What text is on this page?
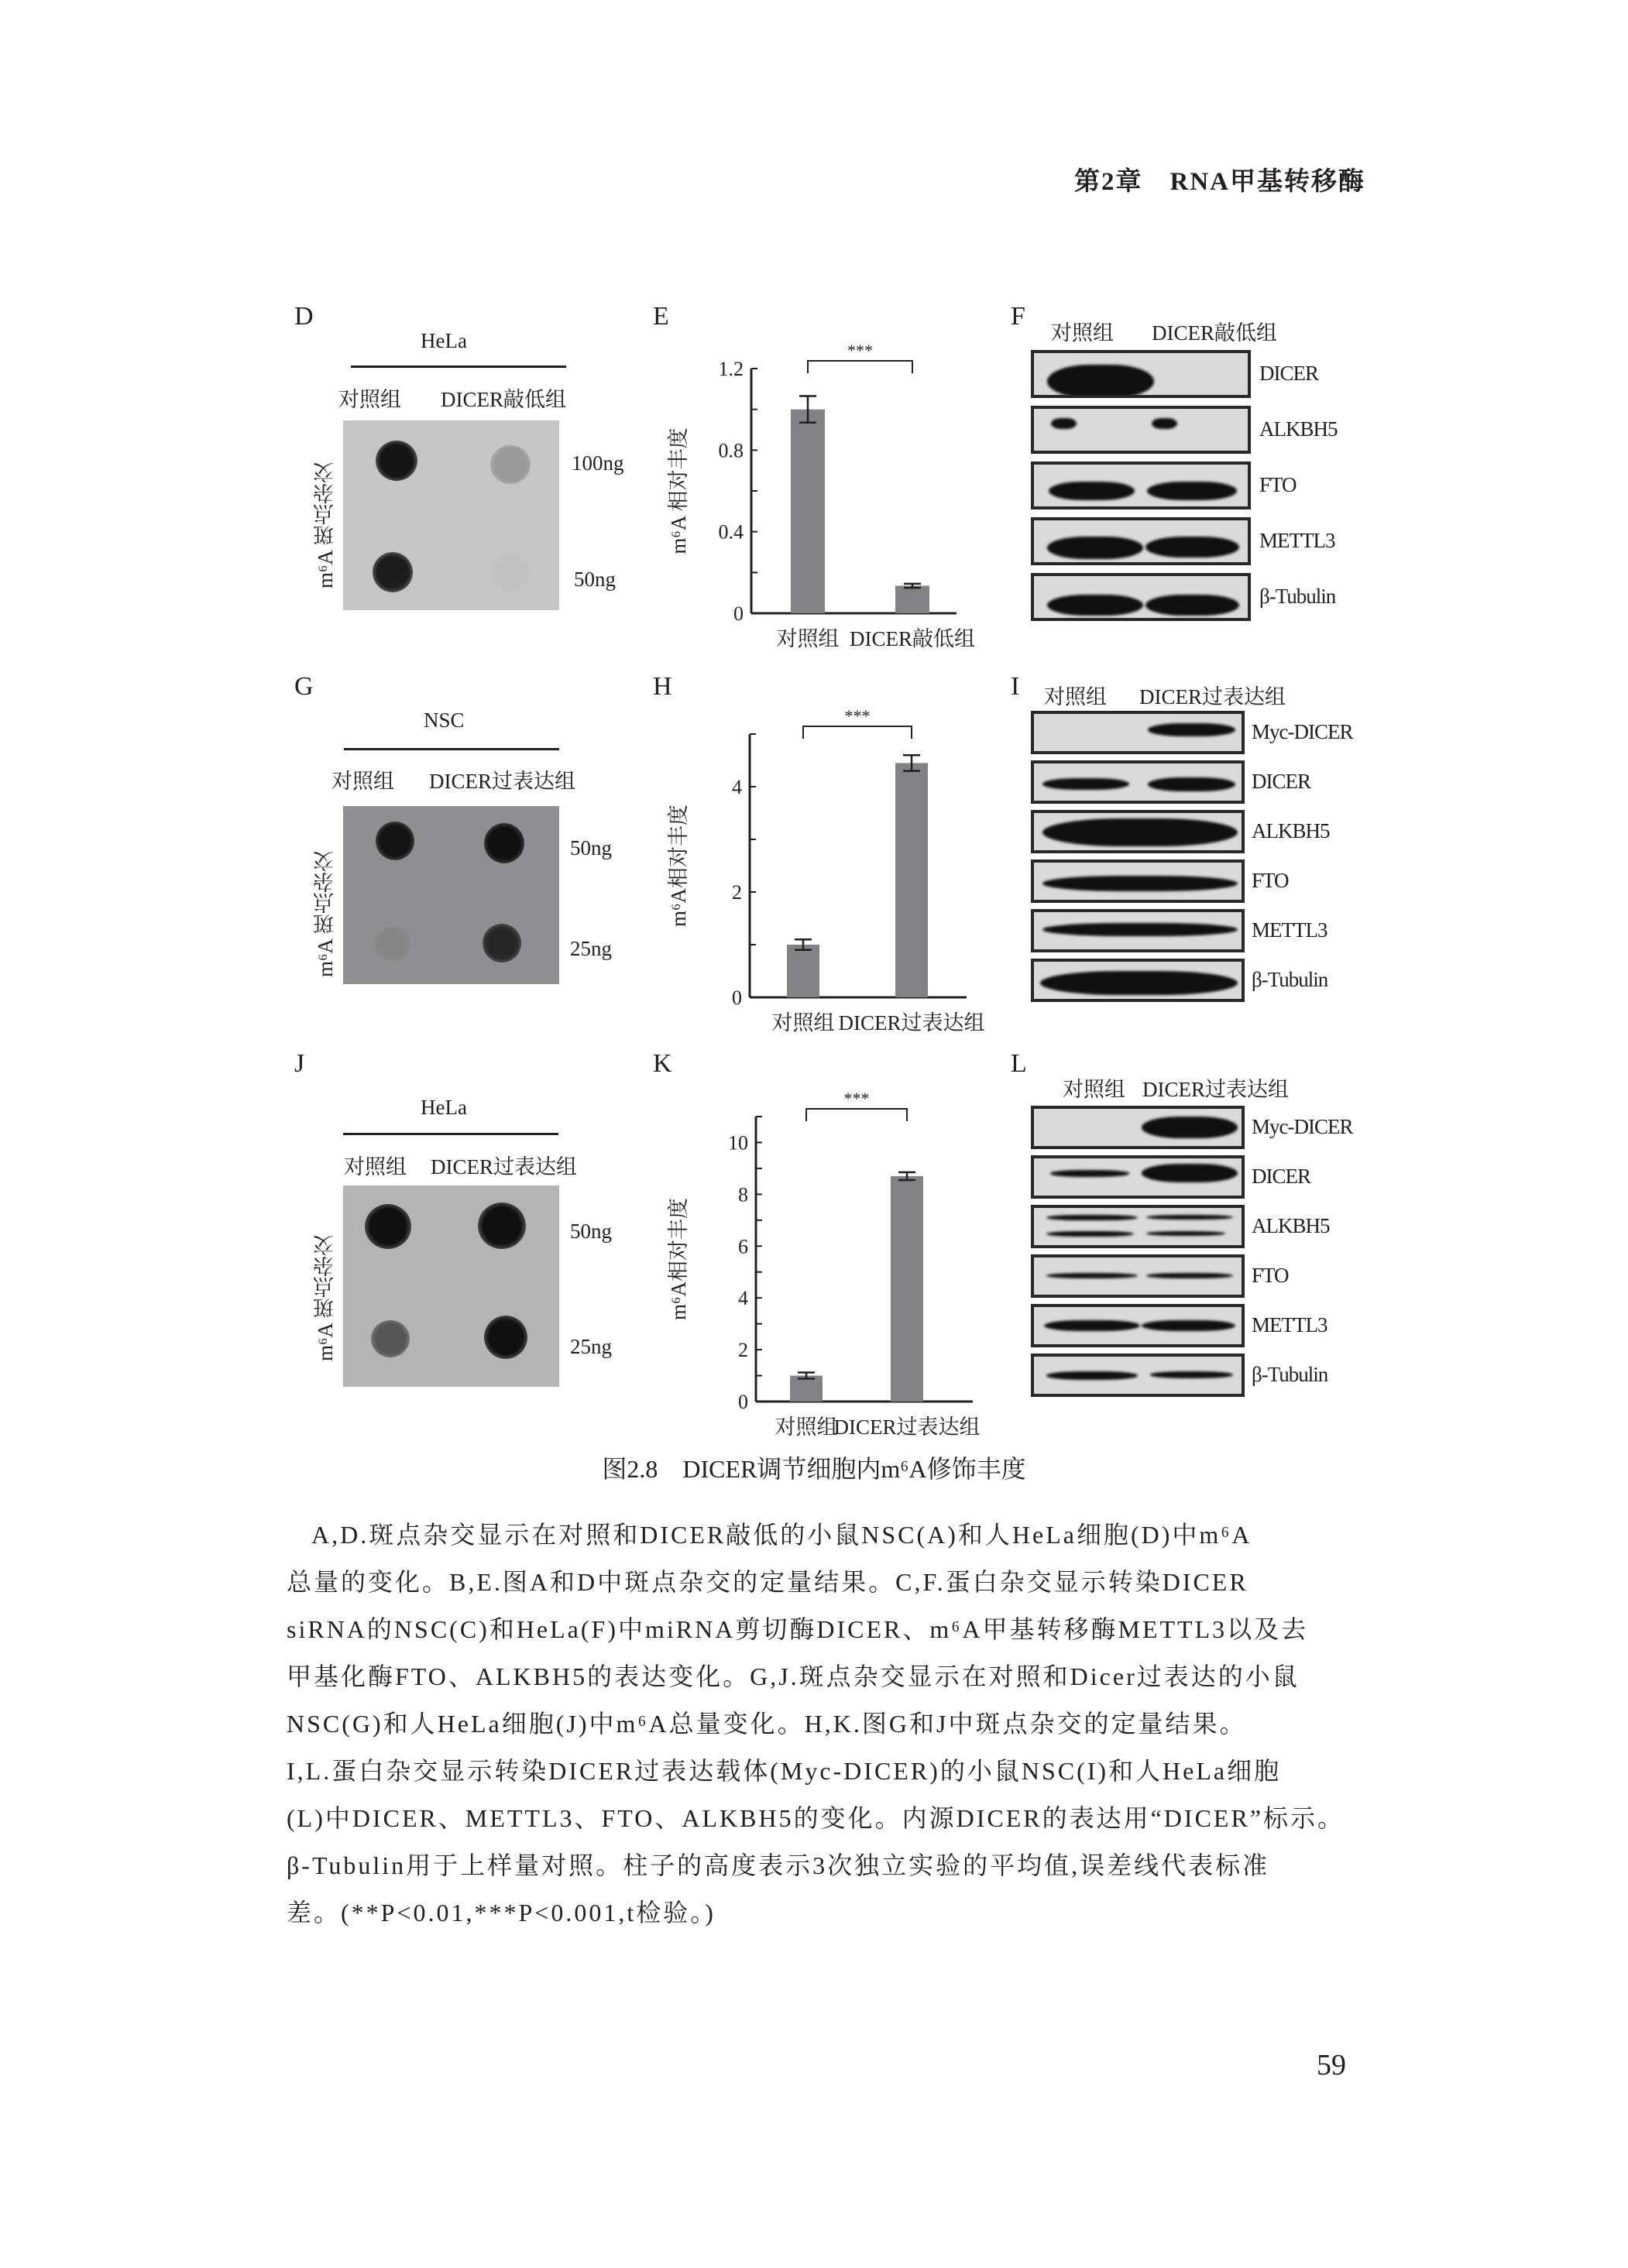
第2章　RNA甲基转移酶
D
HeLa
对照组 DICER敲低组
m⁶A 斑点杂交	100ng
50ng
E
0
0.4
0.8
1.2
m⁶A 相对丰度
对照组 DICER敲低组
***
F
对照组 DICER敲低组
G
NSC
对照组 DICER过表达组
m⁶A 斑点杂交
50ng
25ng
H
0
2
4
m⁶A相对丰度
对照组 DICER过表达组
***
I 对照组 DICER过表达组
J
HeLa
对照组 DICER过表达组
m⁶A 斑点杂交
50ng
25ng
K
0
2
4
6
8
10
m⁶A相对丰度
对照组
DICER过表达组
***
L
对照组 DICER过表达组
图2.8　DICER调节细胞内m⁶A修饰丰度

A,D.斑点杂交显示在对照和DICER敲低的小鼠NSC(A)和人HeLa细胞(D)中m⁶A

总量的变化。B,E.图A和D中斑点杂交的定量结果。C,F.蛋白杂交显示转染DICER

siRNA的NSC(C)和HeLa(F)中miRNA剪切酶DICER、m⁶A甲基转移酶METTL3以及去

甲基化酶FTO、ALKBH5的表达变化。G,J.斑点杂交显示在对照和Dicer过表达的小鼠

NSC(G)和人HeLa细胞(J)中m⁶A总量变化。H,K.图G和J中斑点杂交的定量结果。

I,L.蛋白杂交显示转染DICER过表达载体(Myc-DICER)的小鼠NSC(I)和人HeLa细胞

(L)中DICER、METTL3、FTO、ALKBH5的变化。内源DICER的表达用“DICER”标示。

β-Tubulin用于上样量对照。柱子的高度表示3次独立实验的平均值,误差线代表标准

差。(**P<0.01,***P<0.001,t检验。)

59
DICER
ALKBH5
FTO
METTL3
β-Tubulin
Myc-DICER
DICER
ALKBH5
FTO
METTL3
β-Tubulin
Myc-DICER
DICER
ALKBH5
FTO
METTL3
β-Tubulin
